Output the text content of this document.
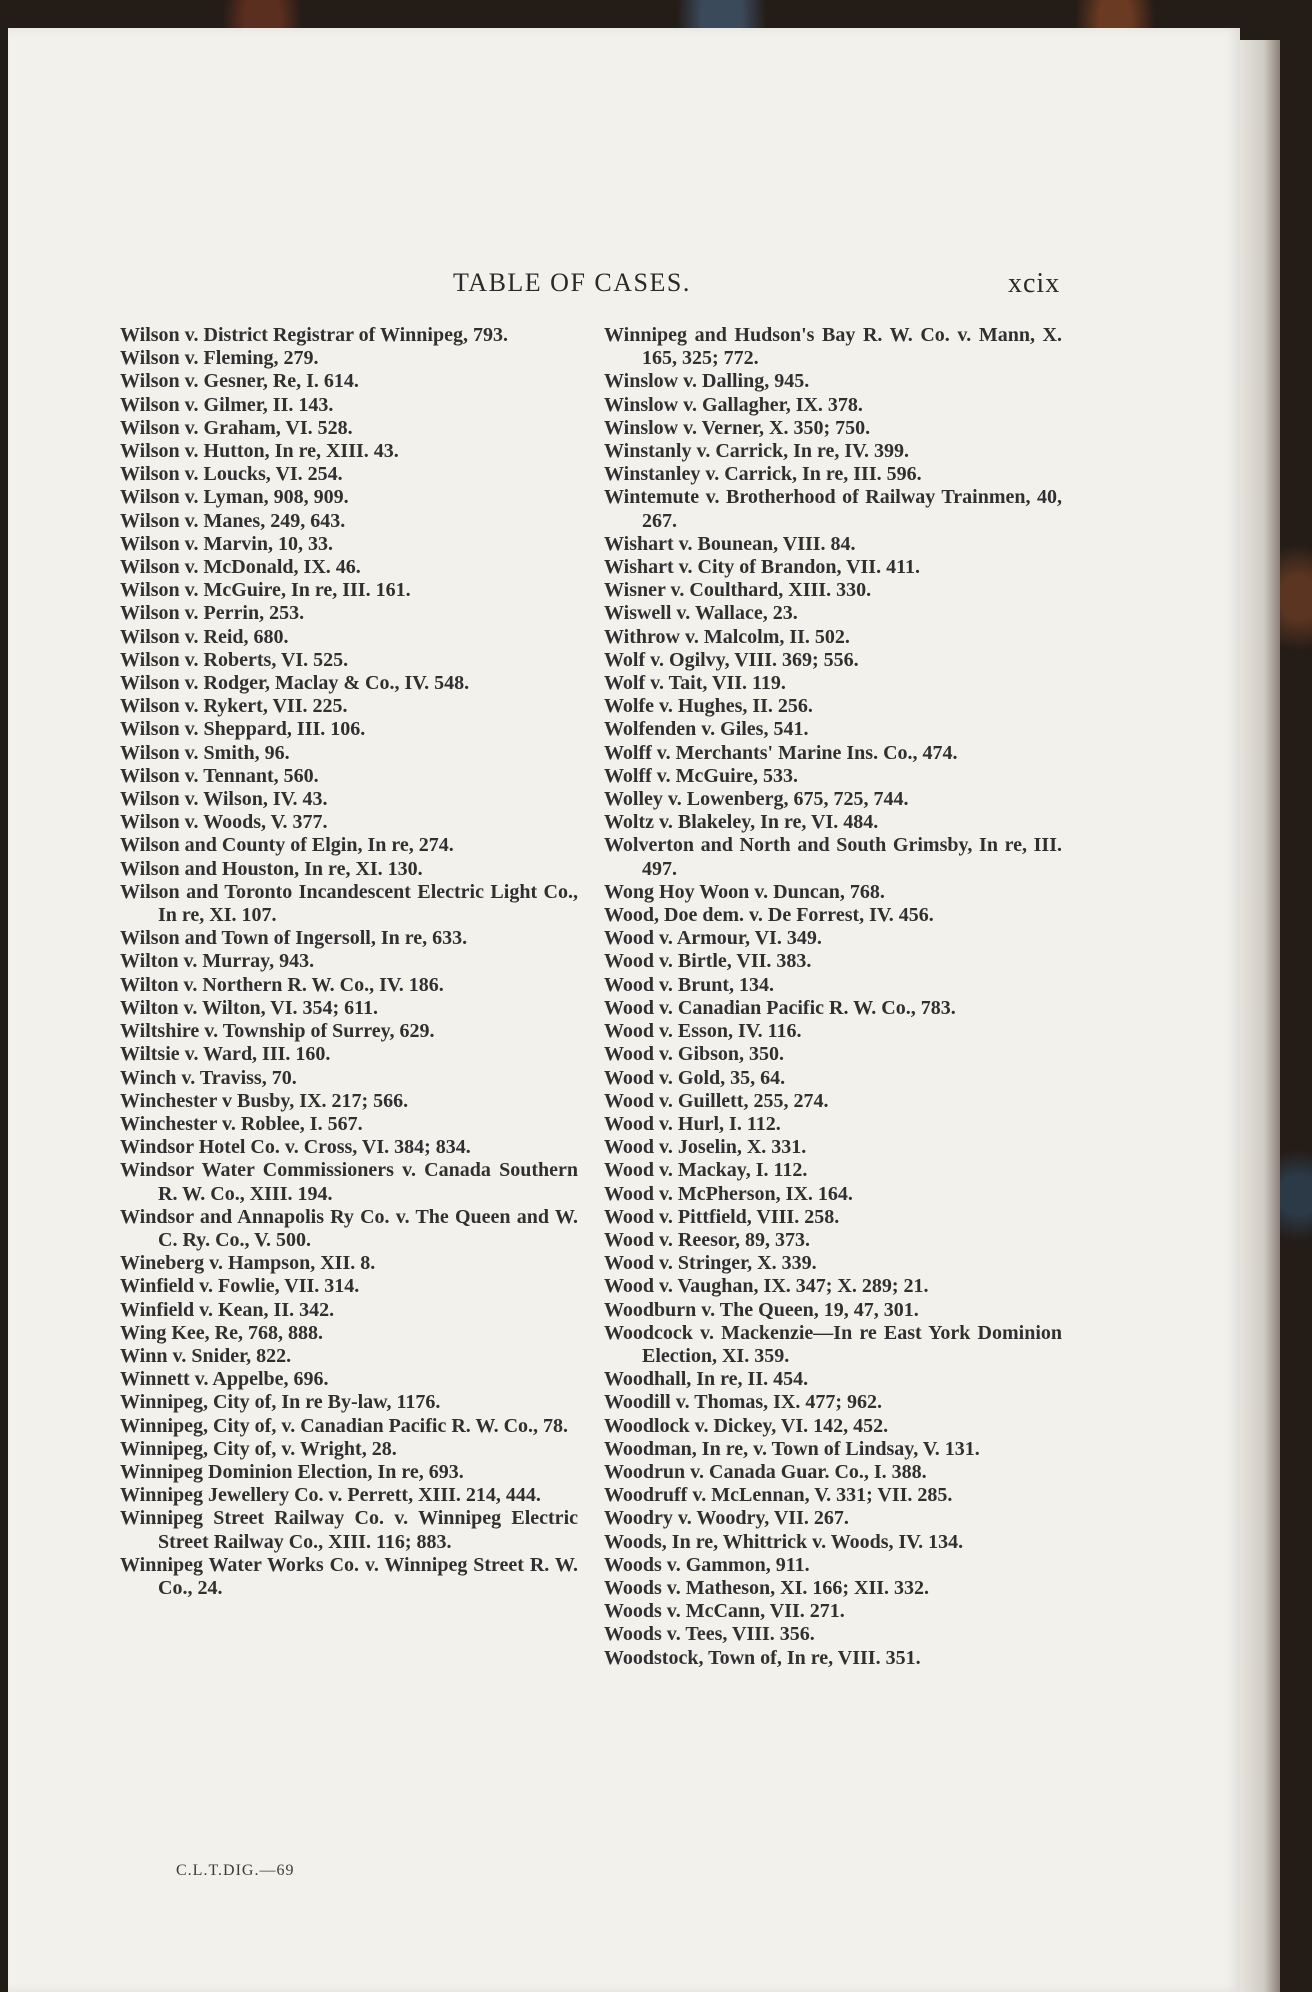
TABLE OF CASES.	xcix
Wilson v. District Registrar of Winnipeg, 793.
Wilson v. Fleming, 279.
Wilson v. Gesner, Re, I. 614.
Wilson v. Gilmer, II. 143.
Wilson v. Graham, VI. 528.
Wilson v. Hutton, In re, XIII. 43.
Wilson v. Loucks, VI. 254.
Wilson v. Lyman, 908, 909.
Wilson v. Manes, 249, 643.
Wilson v. Marvin, 10, 33.
Wilson v. McDonald, IX. 46.
Wilson v. McGuire, In re, III. 161.
Wilson v. Perrin, 253.
Wilson v. Reid, 680.
Wilson v. Roberts, VI. 525.
Wilson v. Rodger, Maclay & Co., IV. 548.
Wilson v. Rykert, VII. 225.
Wilson v. Sheppard, III. 106.
Wilson v. Smith, 96.
Wilson v. Tennant, 560.
Wilson v. Wilson, IV. 43.
Wilson v. Woods, V. 377.
Wilson and County of Elgin, In re, 274.
Wilson and Houston, In re, XI. 130.
Wilson and Toronto Incandescent Electric Light Co., In re, XI. 107.
Wilson and Town of Ingersoll, In re, 633.
Wilton v. Murray, 943.
Wilton v. Northern R. W. Co., IV. 186.
Wilton v. Wilton, VI. 354; 611.
Wiltshire v. Township of Surrey, 629.
Wiltsie v. Ward, III. 160.
Winch v. Traviss, 70.
Winchester v Busby, IX. 217; 566.
Winchester v. Roblee, I. 567.
Windsor Hotel Co. v. Cross, VI. 384; 834.
Windsor Water Commissioners v. Canada Southern R. W. Co., XIII. 194.
Windsor and Annapolis Ry Co. v. The Queen and W. C. Ry. Co., V. 500.
Wineberg v. Hampson, XII. 8.
Winfield v. Fowlie, VII. 314.
Winfield v. Kean, II. 342.
Wing Kee, Re, 768, 888.
Winn v. Snider, 822.
Winnett v. Appelbe, 696.
Winnipeg, City of, In re By-law, 1176.
Winnipeg, City of, v. Canadian Pacific R. W. Co., 78.
Winnipeg, City of, v. Wright, 28.
Winnipeg Dominion Election, In re, 693.
Winnipeg Jewellery Co. v. Perrett, XIII. 214, 444.
Winnipeg Street Railway Co. v. Winnipeg Electric Street Railway Co., XIII. 116; 883.
Winnipeg Water Works Co. v. Winnipeg Street R. W. Co., 24.
Winnipeg and Hudson's Bay R. W. Co. v. Mann, X. 165, 325; 772.
Winslow v. Dalling, 945.
Winslow v. Gallagher, IX. 378.
Winslow v. Verner, X. 350; 750.
Winstanly v. Carrick, In re, IV. 399.
Winstanley v. Carrick, In re, III. 596.
Wintemute v. Brotherhood of Railway Trainmen, 40, 267.
Wishart v. Bounean, VIII. 84.
Wishart v. City of Brandon, VII. 411.
Wisner v. Coulthard, XIII. 330.
Wiswell v. Wallace, 23.
Withrow v. Malcolm, II. 502.
Wolf v. Ogilvy, VIII. 369; 556.
Wolf v. Tait, VII. 119.
Wolfe v. Hughes, II. 256.
Wolfenden v. Giles, 541.
Wolff v. Merchants' Marine Ins. Co., 474.
Wolff v. McGuire, 533.
Wolley v. Lowenberg, 675, 725, 744.
Woltz v. Blakeley, In re, VI. 484.
Wolverton and North and South Grimsby, In re, III. 497.
Wong Hoy Woon v. Duncan, 768.
Wood, Doe dem. v. De Forrest, IV. 456.
Wood v. Armour, VI. 349.
Wood v. Birtle, VII. 383.
Wood v. Brunt, 134.
Wood v. Canadian Pacific R. W. Co., 783.
Wood v. Esson, IV. 116.
Wood v. Gibson, 350.
Wood v. Gold, 35, 64.
Wood v. Guillett, 255, 274.
Wood v. Hurl, I. 112.
Wood v. Joselin, X. 331.
Wood v. Mackay, I. 112.
Wood v. McPherson, IX. 164.
Wood v. Pittfield, VIII. 258.
Wood v. Reesor, 89, 373.
Wood v. Stringer, X. 339.
Wood v. Vaughan, IX. 347; X. 289; 21.
Woodburn v. The Queen, 19, 47, 301.
Woodcock v. Mackenzie—In re East York Dominion Election, XI. 359.
Woodhall, In re, II. 454.
Woodill v. Thomas, IX. 477; 962.
Woodlock v. Dickey, VI. 142, 452.
Woodman, In re, v. Town of Lindsay, V. 131.
Woodrun v. Canada Guar. Co., I. 388.
Woodruff v. McLennan, V. 331; VII. 285.
Woodry v. Woodry, VII. 267.
Woods, In re, Whittrick v. Woods, IV. 134.
Woods v. Gammon, 911.
Woods v. Matheson, XI. 166; XII. 332.
Woods v. McCann, VII. 271.
Woods v. Tees, VIII. 356.
Woodstock, Town of, In re, VIII. 351.
C.L.T.DIG.—69
